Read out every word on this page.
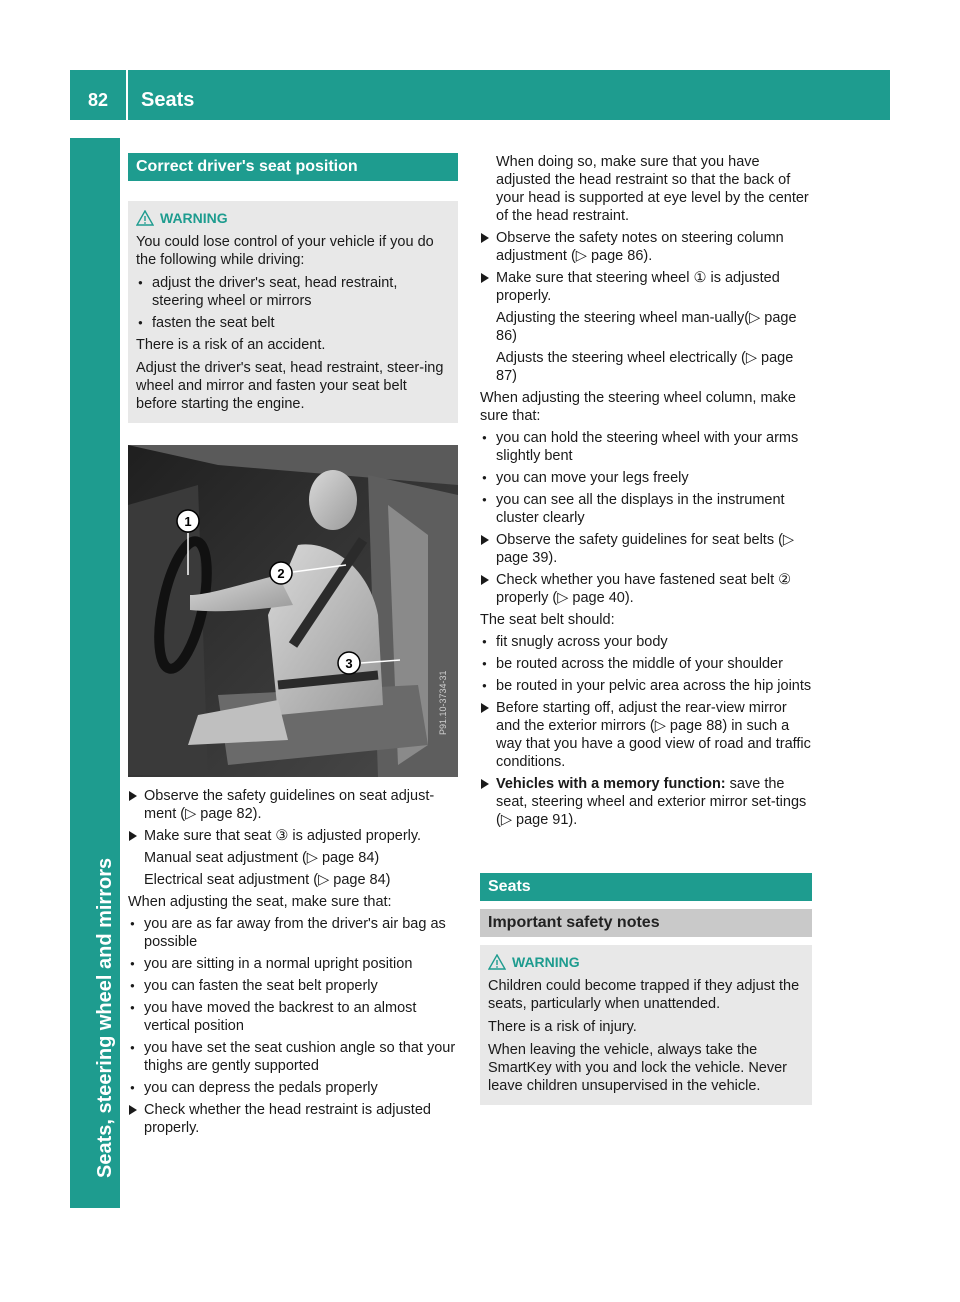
82	Seats
Seats, steering wheel and mirrors
Correct driver's seat position
WARNING

You could lose control of your vehicle if you do the following while driving:

● adjust the driver's seat, head restraint, steering wheel or mirrors
● fasten the seat belt

There is a risk of an accident.

Adjust the driver's seat, head restraint, steer-ing wheel and mirror and fasten your seat belt before starting the engine.

1
2
3
P91.10-3734-31
Observe the safety guidelines on seat adjust-ment (▷ page 82).
Make sure that seat ③ is adjusted properly.
Manual seat adjustment (▷ page 84)
Electrical seat adjustment (▷ page 84)
When adjusting the seat, make sure that:
● you are as far away from the driver's air bag as possible
● you are sitting in a normal upright position
● you can fasten the seat belt properly
● you have moved the backrest to an almost vertical position
● you have set the seat cushion angle so that your thighs are gently supported
● you can depress the pedals properly
Check whether the head restraint is adjusted properly.
When doing so, make sure that you have adjusted the head restraint so that the back of your head is supported at eye level by the center of the head restraint.
Observe the safety notes on steering column adjustment (▷ page 86).
Make sure that steering wheel ① is adjusted properly.
Adjusting the steering wheel man-ually(▷ page 86)
Adjusts the steering wheel electrically (▷ page 87)
When adjusting the steering wheel column, make sure that:
● you can hold the steering wheel with your arms slightly bent
● you can move your legs freely
● you can see all the displays in the instrument cluster clearly
Observe the safety guidelines for seat belts (▷ page 39).
Check whether you have fastened seat belt ② properly (▷ page 40).
The seat belt should:
● fit snugly across your body
● be routed across the middle of your shoulder
● be routed in your pelvic area across the hip joints
Before starting off, adjust the rear-view mirror and the exterior mirrors (▷ page 88) in such a way that you have a good view of road and traffic conditions.
Vehicles with a memory function: save the seat, steering wheel and exterior mirror set-tings (▷ page 91).
Seats
Important safety notes
WARNING

Children could become trapped if they adjust the seats, particularly when unattended.

There is a risk of injury.

When leaving the vehicle, always take the SmartKey with you and lock the vehicle. Never leave children unsupervised in the vehicle.
